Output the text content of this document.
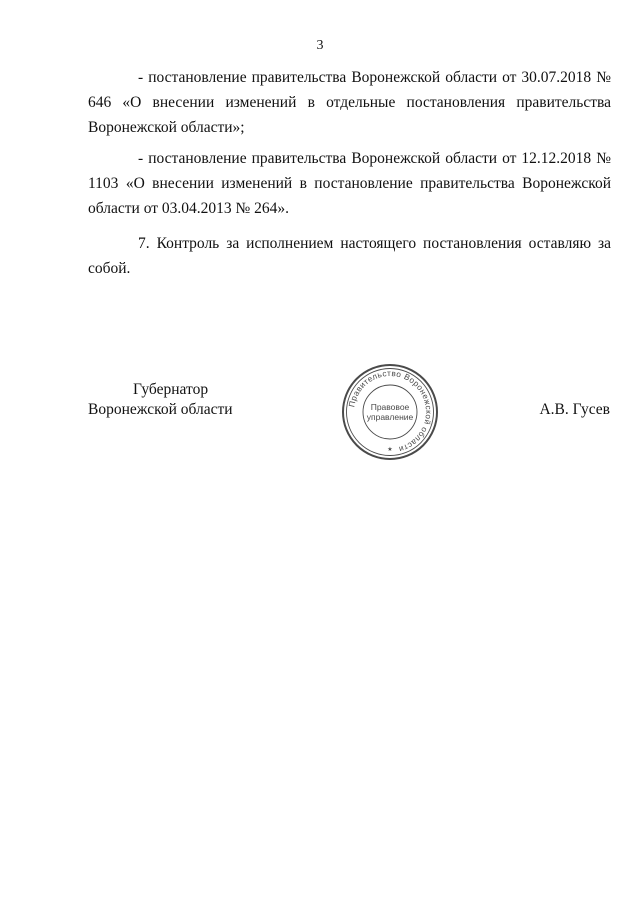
3

- постановление правительства Воронежской области от 30.07.2018 № 646 «О внесении изменений в отдельные постановления правительства Воронежской области»;

- постановление правительства Воронежской области от 12.12.2018 № 1103 «О внесении изменений в постановление правительства Воронежской области от 03.04.2013 № 264».

7. Контроль за исполнением настоящего постановления оставляю за собой.

Губернатор
Воронежской области	Правительство Воронежской области
Правовое
управление
★
А.В. Гусев
